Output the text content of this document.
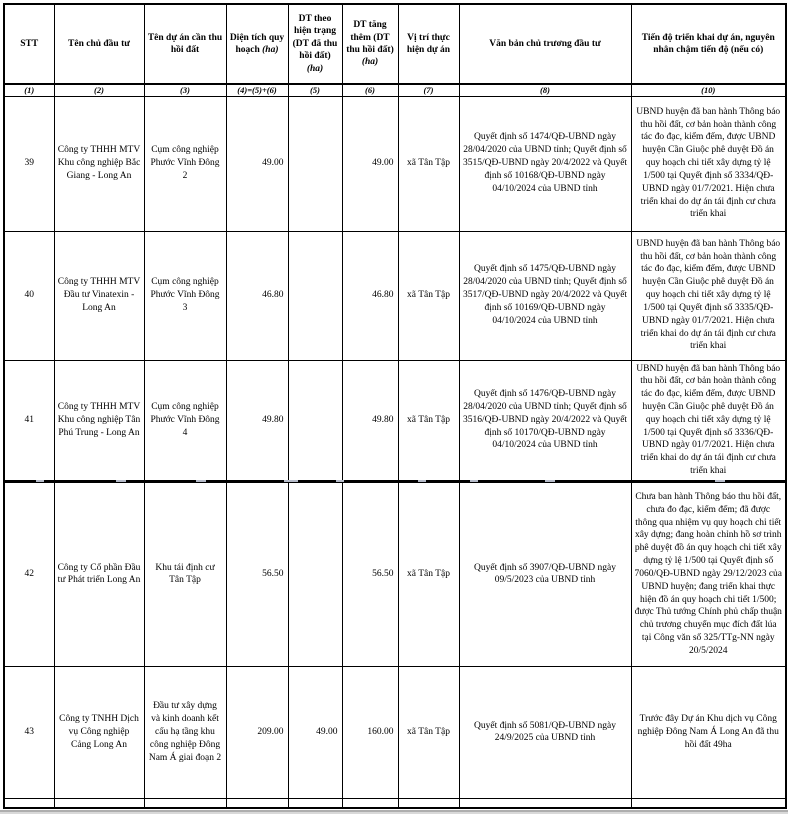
STT	Tên chủ đầu tư	Tên dự án cần thu hồi đất	Diện tích quy hoạch (ha)	DT theo hiện trạng (DT đã thu hồi đất)(ha)	DT tăng thêm (DT thu hồi đất)(ha)	Vị trí thực hiện dự án	Văn bản chủ trương đầu tư	Tiến độ triển khai dự án, nguyên nhân chậm tiến độ (nếu có)
(1)	(2)	(3)	(4)=(5)+(6)	(5)	(6)	(7)	(8)	(10)
39	Công ty THHH MTV Khu công nghiệp Bắc Giang - Long An	Cụm công nghiệp Phước Vĩnh Đông 2	49.00		49.00	xã Tân Tập	Quyết định số 1474/QĐ-UBND ngày 28/04/2020 của UBND tỉnh; Quyết định số 3515/QĐ-UBND ngày 20/4/2022 và Quyết định số 10168/QĐ-UBND ngày 04/10/2024 của UBND tỉnh	UBND huyện đã ban hành Thông báo thu hồi đất, cơ bản hoàn thành công tác đo đạc, kiểm đếm, được UBND huyện Cần Giuộc phê duyệt Đồ án quy hoạch chi tiết xây dựng tỷ lệ 1/500 tại Quyết định số 3334/QĐ-UBND ngày 01/7/2021. Hiện chưa triển khai do dự án tái định cư chưa triển khai
40	Công ty THHH MTV Đầu tư Vinatexin - Long An	Cụm công nghiệp Phước Vĩnh Đông 3	46.80		46.80	xã Tân Tập	Quyết định số 1475/QĐ-UBND ngày 28/04/2020 của UBND tỉnh; Quyết định số 3517/QĐ-UBND ngày 20/4/2022 và Quyết định số 10169/QĐ-UBND ngày 04/10/2024 của UBND tỉnh	UBND huyện đã ban hành Thông báo thu hồi đất, cơ bản hoàn thành công tác đo đạc, kiểm đếm, được UBND huyện Cần Giuộc phê duyệt Đồ án quy hoạch chi tiết xây dựng tỷ lệ 1/500 tại Quyết định số 3335/QĐ-UBND ngày 01/7/2021. Hiện chưa triển khai do dự án tái định cư chưa triển khai
41	Công ty THHH MTV Khu công nghiệp Tân Phú Trung - Long An	Cụm công nghiệp Phước Vĩnh Đông 4	49.80		49.80	xã Tân Tập	Quyết định số 1476/QĐ-UBND ngày 28/04/2020 của UBND tỉnh; Quyết định số 3516/QĐ-UBND ngày 20/4/2022 và Quyết định số 10170/QĐ-UBND ngày 04/10/2024 của UBND tỉnh	UBND huyện đã ban hành Thông báo thu hồi đất, cơ bản hoàn thành công tác đo đạc, kiểm đếm, được UBND huyện Cần Giuộc phê duyệt Đồ án quy hoạch chi tiết xây dựng tỷ lệ 1/500 tại Quyết định số 3336/QĐ-UBND ngày 01/7/2021. Hiện chưa triển khai do dự án tái định cư chưa triển khai
42	Công ty Cổ phần Đầu tư Phát triển Long An	Khu tái định cư Tân Tập	56.50		56.50	xã Tân Tập	Quyết định số 3907/QĐ-UBND ngày 09/5/2023 của UBND tỉnh	Chưa ban hành Thông báo thu hồi đất, chưa đo đạc, kiểm đếm; đã được thông qua nhiệm vụ quy hoạch chi tiết xây dựng; đang hoàn chỉnh hồ sơ trình phê duyệt đồ án quy hoạch chi tiết xây dựng tỷ lệ 1/500 tại Quyết định số 7060/QĐ-UBND ngày 29/12/2023 của UBND huyện; đang triển khai thực hiện đồ án quy hoạch chi tiết 1/500; được Thủ tướng Chính phủ chấp thuận chủ trương chuyển mục đích đất lúa tại Công văn số 325/TTg-NN ngày 20/5/2024
43	Công ty TNHH Dịch vụ Công nghiệp Cảng Long An	Đầu tư xây dựng và kinh doanh kết cấu hạ tầng khu công nghiệp Đông Nam Á giai đoạn 2	209.00	49.00	160.00	xã Tân Tập	Quyết định số 5081/QĐ-UBND ngày 24/9/2025 của UBND tỉnh	Trước đây Dự án Khu dịch vụ Công nghiệp Đông Nam Á Long An đã thu hồi đất 49ha
